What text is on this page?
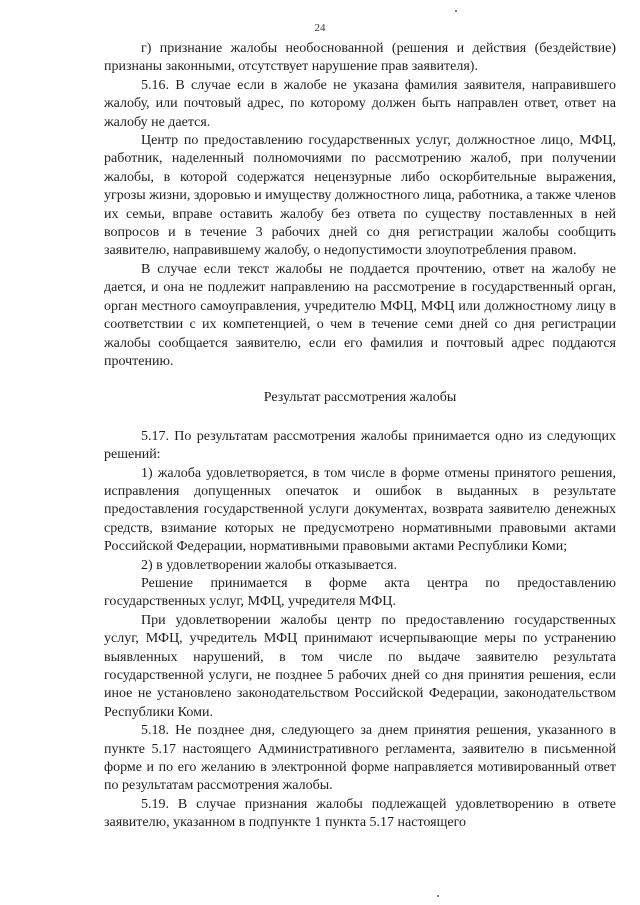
24

г) признание жалобы необоснованной (решения и действия (бездействие) признаны законными, отсутствует нарушение прав заявителя).

5.16. В случае если в жалобе не указана фамилия заявителя, направившего жалобу, или почтовый адрес, по которому должен быть направлен ответ, ответ на жалобу не дается.

Центр по предоставлению государственных услуг, должностное лицо, МФЦ, работник, наделенный полномочиями по рассмотрению жалоб, при получении жалобы, в которой содержатся нецензурные либо оскорбительные выражения, угрозы жизни, здоровью и имуществу должностного лица, работника, а также членов их семьи, вправе оставить жалобу без ответа по существу поставленных в ней вопросов и в течение 3 рабочих дней со дня регистрации жалобы сообщить заявителю, направившему жалобу, о недопустимости злоупотребления правом.

В случае если текст жалобы не поддается прочтению, ответ на жалобу не дается, и она не подлежит направлению на рассмотрение в государственный орган, орган местного самоуправления, учредителю МФЦ, МФЦ или должностному лицу в соответствии с их компетенцией, о чем в течение семи дней со дня регистрации жалобы сообщается заявителю, если его фамилия и почтовый адрес поддаются прочтению.

Результат рассмотрения жалобы

5.17. По результатам рассмотрения жалобы принимается одно из следующих решений:

1) жалоба удовлетворяется, в том числе в форме отмены принятого решения, исправления допущенных опечаток и ошибок в выданных в результате предоставления государственной услуги документах, возврата заявителю денежных средств, взимание которых не предусмотрено нормативными правовыми актами Российской Федерации, нормативными правовыми актами Республики Коми;

2) в удовлетворении жалобы отказывается.

Решение принимается в форме акта центра по предоставлению государственных услуг, МФЦ, учредителя МФЦ.

При удовлетворении жалобы центр по предоставлению государственных услуг, МФЦ, учредитель МФЦ принимают исчерпывающие меры по устранению выявленных нарушений, в том числе по выдаче заявителю результата государственной услуги, не позднее 5 рабочих дней со дня принятия решения, если иное не установлено законодательством Российской Федерации, законодательством Республики Коми.

5.18. Не позднее дня, следующего за днем принятия решения, указанного в пункте 5.17 настоящего Административного регламента, заявителю в письменной форме и по его желанию в электронной форме направляется мотивированный ответ по результатам рассмотрения жалобы.

5.19. В случае признания жалобы подлежащей удовлетворению в ответе заявителю, указанном в подпункте 1 пункта 5.17 настоящего
